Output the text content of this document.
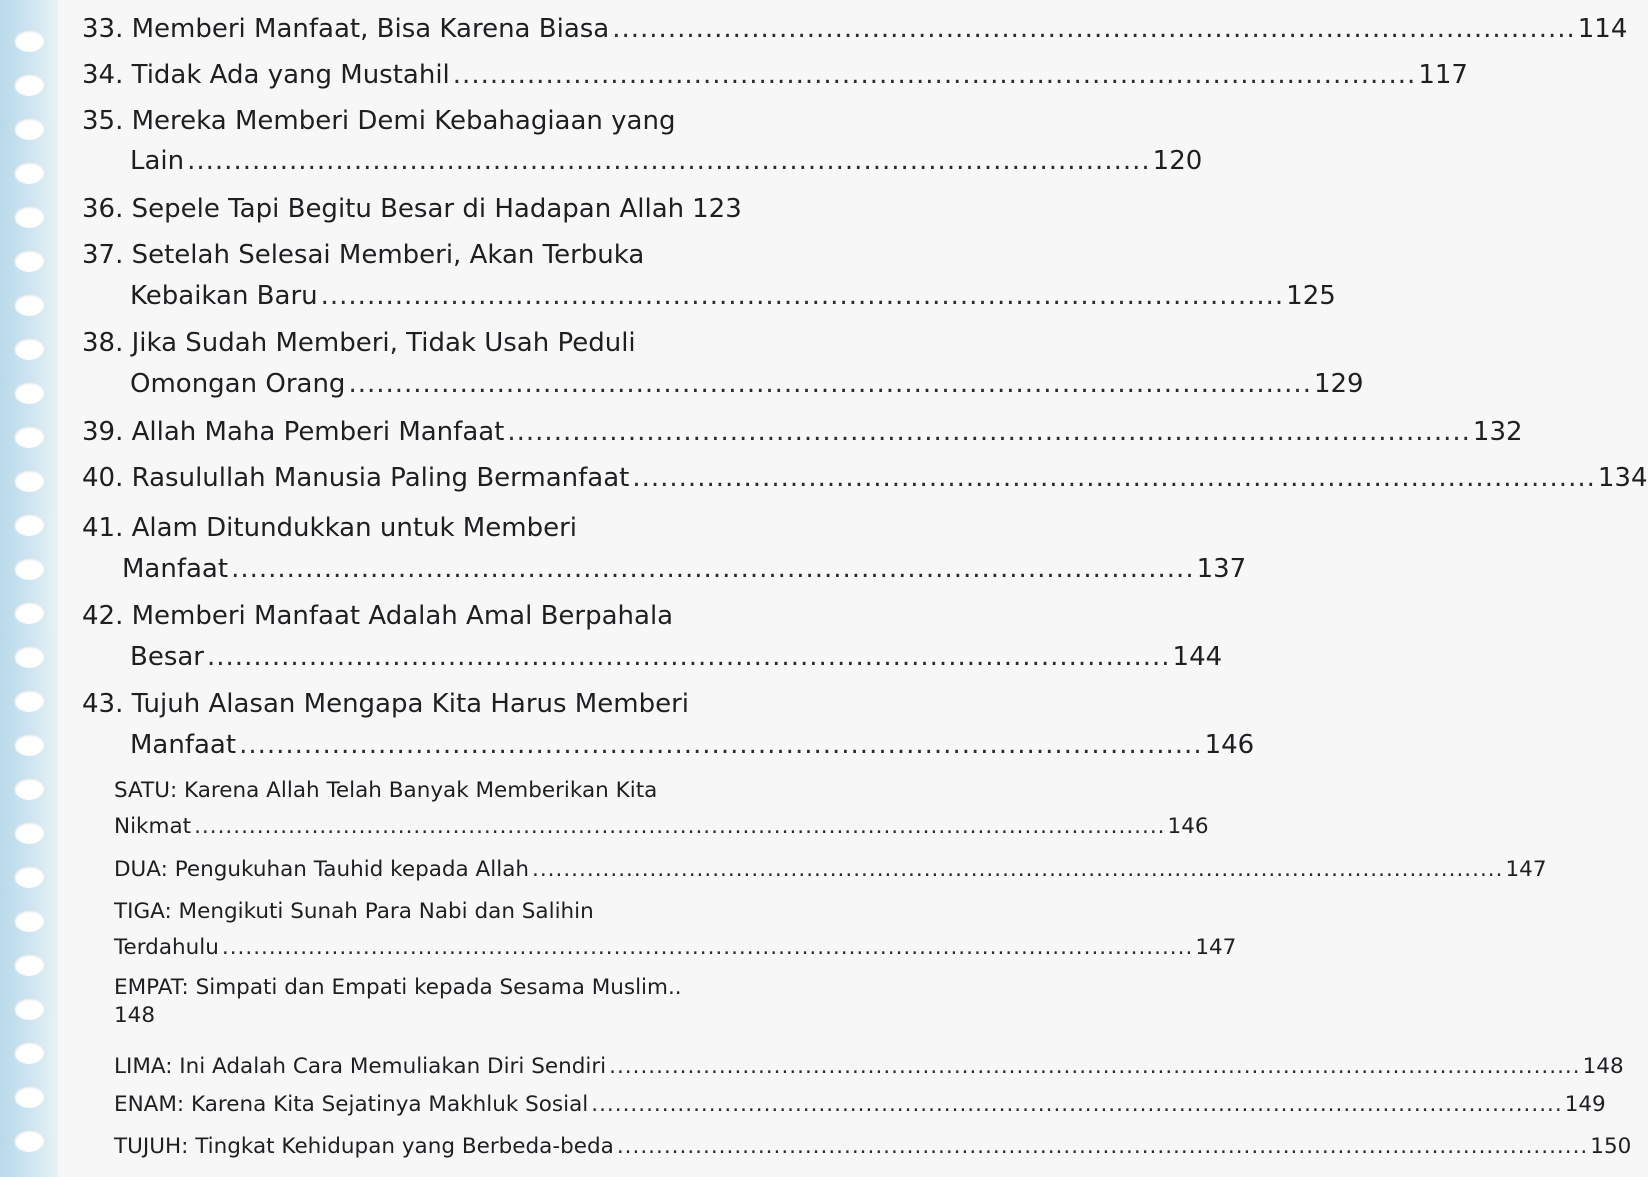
33. Memberi Manfaat, Bisa Karena Biasa ........................................................................................................ 114
34. Tidak Ada yang Mustahil ........................................................................................................ 117
35. Mereka Memberi Demi Kebahagiaan yang
Lain ........................................................................................................ 120
36. Sepele Tapi Begitu Besar di Hadapan Allah 123
37. Setelah Selesai Memberi, Akan Terbuka
Kebaikan Baru ........................................................................................................ 125
38. Jika Sudah Memberi, Tidak Usah Peduli
Omongan Orang ........................................................................................................ 129
39. Allah Maha Pemberi Manfaat ........................................................................................................ 132
40. Rasulullah Manusia Paling Bermanfaat ........................................................................................................ 134
41. Alam Ditundukkan untuk Memberi
Manfaat ........................................................................................................ 137
42. Memberi Manfaat Adalah Amal Berpahala
Besar ........................................................................................................ 144
43. Tujuh Alasan Mengapa Kita Harus Memberi
Manfaat ........................................................................................................ 146
SATU: Karena Allah Telah Banyak Memberikan Kita
Nikmat ............................................................................................................................ 146
DUA: Pengukuhan Tauhid kepada Allah ............................................................................................................................ 147
TIGA: Mengikuti Sunah Para Nabi dan Salihin
Terdahulu ............................................................................................................................ 147
EMPAT: Simpati dan Empati kepada Sesama Muslim..
148
LIMA: Ini Adalah Cara Memuliakan Diri Sendiri ............................................................................................................................ 148
ENAM: Karena Kita Sejatinya Makhluk Sosial ............................................................................................................................ 149
TUJUH: Tingkat Kehidupan yang Berbeda-beda ............................................................................................................................ 150
